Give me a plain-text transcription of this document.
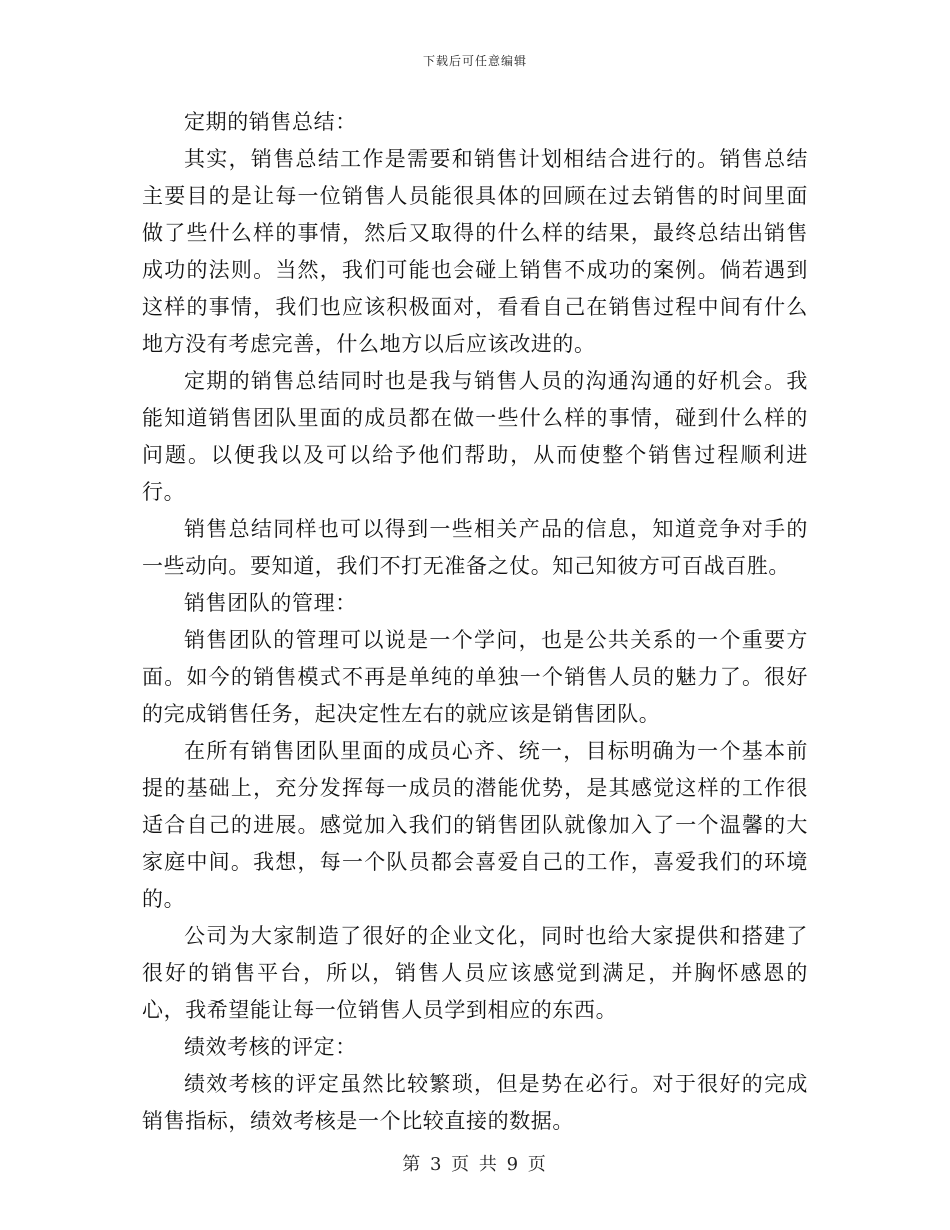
下载后可任意编辑

定期的销售总结：

其实，销售总结工作是需要和销售计划相结合进行的。销售总结主要目的是让每一位销售人员能很具体的回顾在过去销售的时间里面做了些什么样的事情，然后又取得的什么样的结果，最终总结出销售成功的法则。当然，我们可能也会碰上销售不成功的案例。倘若遇到这样的事情，我们也应该积极面对，看看自己在销售过程中间有什么地方没有考虑完善，什么地方以后应该改进的。

定期的销售总结同时也是我与销售人员的沟通沟通的好机会。我能知道销售团队里面的成员都在做一些什么样的事情，碰到什么样的问题。以便我以及可以给予他们帮助，从而使整个销售过程顺利进行。

销售总结同样也可以得到一些相关产品的信息，知道竞争对手的一些动向。要知道，我们不打无准备之仗。知己知彼方可百战百胜。

销售团队的管理：

销售团队的管理可以说是一个学问，也是公共关系的一个重要方面。如今的销售模式不再是单纯的单独一个销售人员的魅力了。很好的完成销售任务，起决定性左右的就应该是销售团队。

在所有销售团队里面的成员心齐、统一，目标明确为一个基本前提的基础上，充分发挥每一成员的潜能优势，是其感觉这样的工作很适合自己的进展。感觉加入我们的销售团队就像加入了一个温馨的大家庭中间。我想，每一个队员都会喜爱自己的工作，喜爱我们的环境的。

公司为大家制造了很好的企业文化，同时也给大家提供和搭建了很好的销售平台，所以，销售人员应该感觉到满足，并胸怀感恩的心，我希望能让每一位销售人员学到相应的东西。

绩效考核的评定：

绩效考核的评定虽然比较繁琐，但是势在必行。对于很好的完成销售指标，绩效考核是一个比较直接的数据。

第 3 页 共 9 页
